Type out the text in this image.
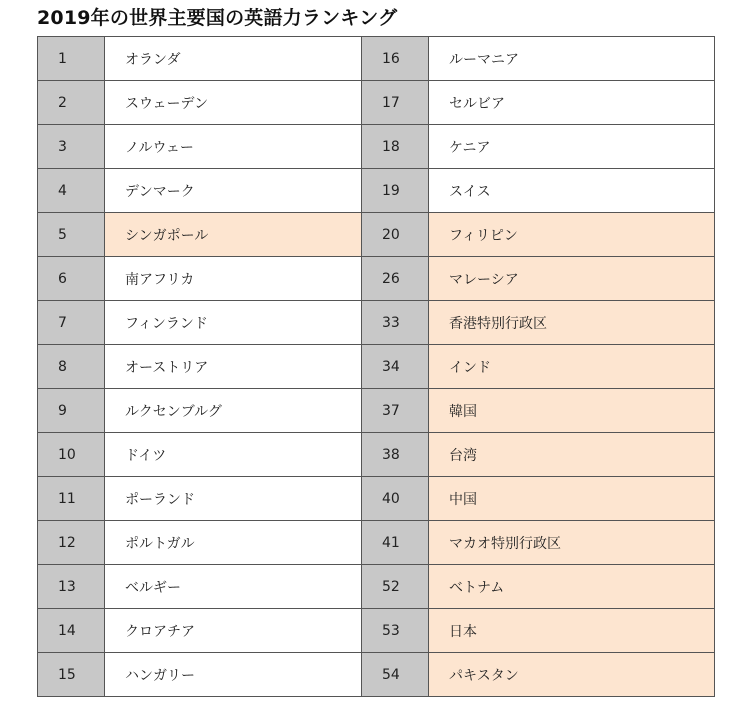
2019年の世界主要国の英語力ランキング
1	オランダ	16	ルーマニア
2	スウェーデン	17	セルビア
3	ノルウェー	18	ケニア
4	デンマーク	19	スイス
5	シンガポール	20	フィリピン
6	南アフリカ	26	マレーシア
7	フィンランド	33	香港特別行政区
8	オーストリア	34	インド
9	ルクセンブルグ	37	韓国
10	ドイツ	38	台湾
11	ポーランド	40	中国
12	ポルトガル	41	マカオ特別行政区
13	ベルギー	52	ベトナム
14	クロアチア	53	日本
15	ハンガリー	54	パキスタン
